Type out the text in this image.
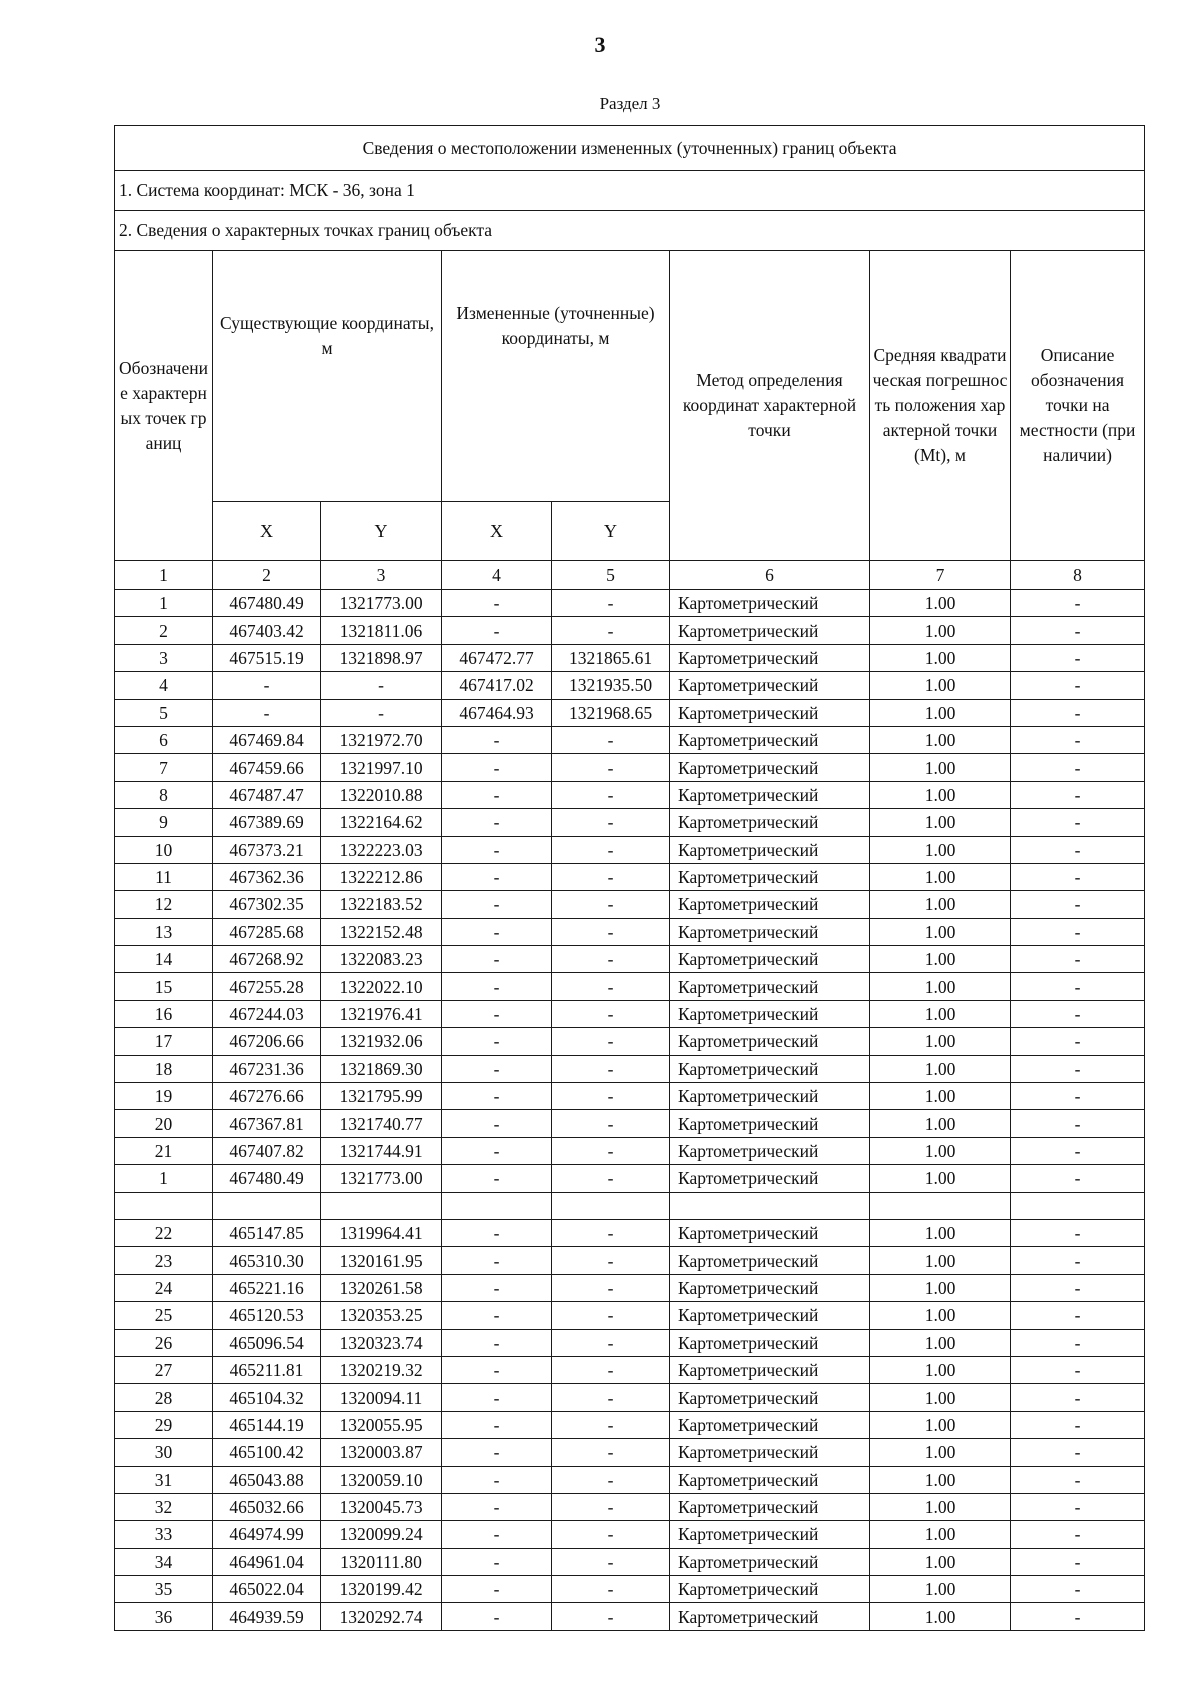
3
Раздел 3
Сведения о местоположении измененных (уточненных) границ объекта							
1. Система координат: МСК - 36, зона 1							
2. Сведения о характерных точках границ объекта							
Обозначение характерных точек границ	Существующие координаты, м		Измененные (уточненные) координаты, м		Метод определения координат характерной точки	Средняя квадратическая погрешность положения характерной точки (Mt), м	Описание обозначения точки на местности (при наличии)
	X	Y	X	Y			
1	2	3	4	5	6	7	8
1	467480.49	1321773.00	-	-	Картометрический	1.00	-
2	467403.42	1321811.06	-	-	Картометрический	1.00	-
3	467515.19	1321898.97	467472.77	1321865.61	Картометрический	1.00	-
4	-	-	467417.02	1321935.50	Картометрический	1.00	-
5	-	-	467464.93	1321968.65	Картометрический	1.00	-
6	467469.84	1321972.70	-	-	Картометрический	1.00	-
7	467459.66	1321997.10	-	-	Картометрический	1.00	-
8	467487.47	1322010.88	-	-	Картометрический	1.00	-
9	467389.69	1322164.62	-	-	Картометрический	1.00	-
10	467373.21	1322223.03	-	-	Картометрический	1.00	-
11	467362.36	1322212.86	-	-	Картометрический	1.00	-
12	467302.35	1322183.52	-	-	Картометрический	1.00	-
13	467285.68	1322152.48	-	-	Картометрический	1.00	-
14	467268.92	1322083.23	-	-	Картометрический	1.00	-
15	467255.28	1322022.10	-	-	Картометрический	1.00	-
16	467244.03	1321976.41	-	-	Картометрический	1.00	-
17	467206.66	1321932.06	-	-	Картометрический	1.00	-
18	467231.36	1321869.30	-	-	Картометрический	1.00	-
19	467276.66	1321795.99	-	-	Картометрический	1.00	-
20	467367.81	1321740.77	-	-	Картометрический	1.00	-
21	467407.82	1321744.91	-	-	Картометрический	1.00	-
1	467480.49	1321773.00	-	-	Картометрический	1.00	-

22	465147.85	1319964.41	-	-	Картометрический	1.00	-
23	465310.30	1320161.95	-	-	Картометрический	1.00	-
24	465221.16	1320261.58	-	-	Картометрический	1.00	-
25	465120.53	1320353.25	-	-	Картометрический	1.00	-
26	465096.54	1320323.74	-	-	Картометрический	1.00	-
27	465211.81	1320219.32	-	-	Картометрический	1.00	-
28	465104.32	1320094.11	-	-	Картометрический	1.00	-
29	465144.19	1320055.95	-	-	Картометрический	1.00	-
30	465100.42	1320003.87	-	-	Картометрический	1.00	-
31	465043.88	1320059.10	-	-	Картометрический	1.00	-
32	465032.66	1320045.73	-	-	Картометрический	1.00	-
33	464974.99	1320099.24	-	-	Картометрический	1.00	-
34	464961.04	1320111.80	-	-	Картометрический	1.00	-
35	465022.04	1320199.42	-	-	Картометрический	1.00	-
36	464939.59	1320292.74	-	-	Картометрический	1.00	-
